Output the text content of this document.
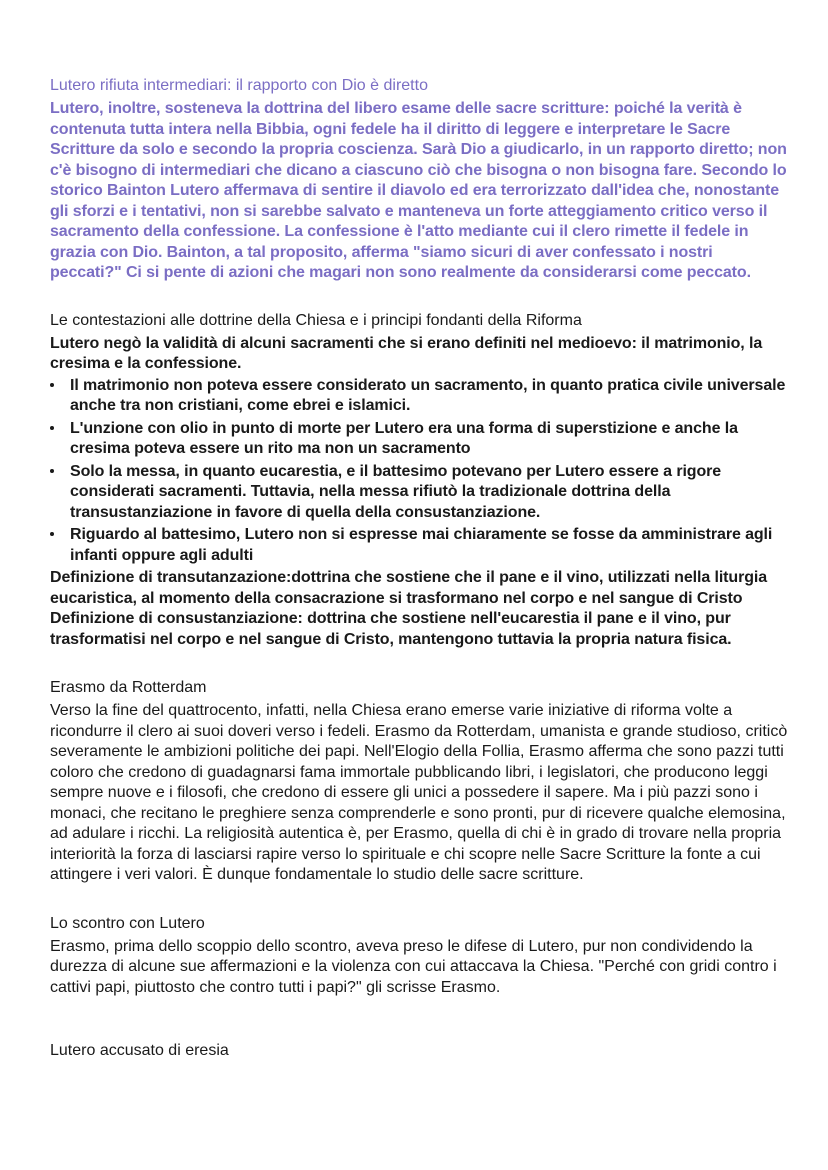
Lutero rifiuta intermediari: il rapporto con Dio è diretto

Lutero, inoltre, sosteneva la dottrina del libero esame delle sacre scritture: poiché la verità è contenuta tutta intera nella Bibbia, ogni fedele ha il diritto di leggere e interpretare le Sacre Scritture da solo e secondo la propria coscienza. Sarà Dio a giudicarlo, in un rapporto diretto; non c'è bisogno di intermediari che dicano a ciascuno ciò che bisogna o non bisogna fare. Secondo lo storico Bainton Lutero affermava di sentire il diavolo ed era terrorizzato dall'idea che, nonostante gli sforzi e i tentativi, non si sarebbe salvato e manteneva un forte atteggiamento critico verso il sacramento della confessione. La confessione è l'atto mediante cui il clero rimette il fedele in grazia con Dio. Bainton, a tal proposito, afferma "siamo sicuri di aver confessato i nostri peccati?" Ci si pente di azioni che magari non sono realmente da considerarsi come peccato.

Le contestazioni alle dottrine della Chiesa e i principi fondanti della Riforma

Lutero negò la validità di alcuni sacramenti che si erano definiti nel medioevo: il matrimonio, la cresima e la confessione.

Il matrimonio non poteva essere considerato un sacramento, in quanto pratica civile universale anche tra non cristiani, come ebrei e islamici.
L'unzione con olio in punto di morte per Lutero era una forma di superstizione e anche la cresima poteva essere un rito ma non un sacramento
Solo la messa, in quanto eucarestia, e il battesimo potevano per Lutero essere a rigore considerati sacramenti. Tuttavia, nella messa rifiutò la tradizionale dottrina della transustanziazione in favore di quella della consustanziazione.
Riguardo al battesimo, Lutero non si espresse mai chiaramente se fosse da amministrare agli infanti oppure agli adulti

Definizione di transutanzazione:dottrina che sostiene che il pane e il vino, utilizzati nella liturgia eucaristica, al momento della consacrazione si trasformano nel corpo e nel sangue di Cristo

Definizione di consustanziazione: dottrina che sostiene nell'eucarestia il pane e il vino, pur trasformatisi nel corpo e nel sangue di Cristo, mantengono tuttavia la propria natura fisica.

Erasmo da Rotterdam

Verso la fine del quattrocento, infatti, nella Chiesa erano emerse varie iniziative di riforma volte a ricondurre il clero ai suoi doveri verso i fedeli. Erasmo da Rotterdam, umanista e grande studioso, criticò severamente le ambizioni politiche dei papi. Nell'Elogio della Follia, Erasmo afferma che sono pazzi tutti coloro che credono di guadagnarsi fama immortale pubblicando libri, i legislatori, che producono leggi sempre nuove e i filosofi, che credono di essere gli unici a possedere il sapere. Ma i più pazzi sono i monaci, che recitano le preghiere senza comprenderle e sono pronti, pur di ricevere qualche elemosina, ad adulare i ricchi. La religiosità autentica è, per Erasmo, quella di chi è in grado di trovare nella propria interiorità la forza di lasciarsi rapire verso lo spirituale e chi scopre nelle Sacre Scritture la fonte a cui attingere i veri valori. È dunque fondamentale lo studio delle sacre scritture.

Lo scontro con Lutero

Erasmo, prima dello scoppio dello scontro, aveva preso le difese di Lutero, pur non condividendo la durezza di alcune sue affermazioni e la violenza con cui attaccava la Chiesa. "Perché con gridi contro i cattivi papi, piuttosto che contro tutti i papi?" gli scrisse Erasmo.

Lutero accusato di eresia
